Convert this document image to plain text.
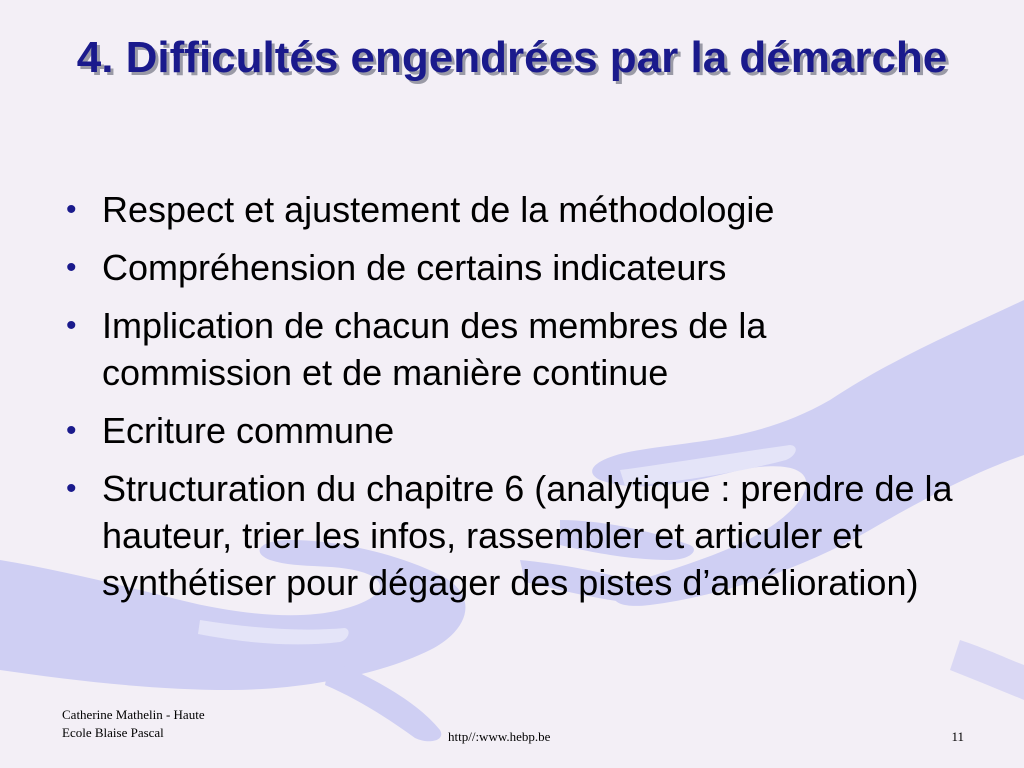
4. Difficultés engendrées par la démarche
• Respect et ajustement de la méthodologie
• Compréhension de certains indicateurs
• Implication de chacun des membres de la commission et de manière continue
• Ecriture commune
• Structuration du chapitre 6 (analytique : prendre de la hauteur, trier les infos, rassembler et articuler et synthétiser pour dégager des pistes d’amélioration)
Catherine Mathelin - Haute
Ecole Blaise Pascal	http//:www.hebp.be	11
